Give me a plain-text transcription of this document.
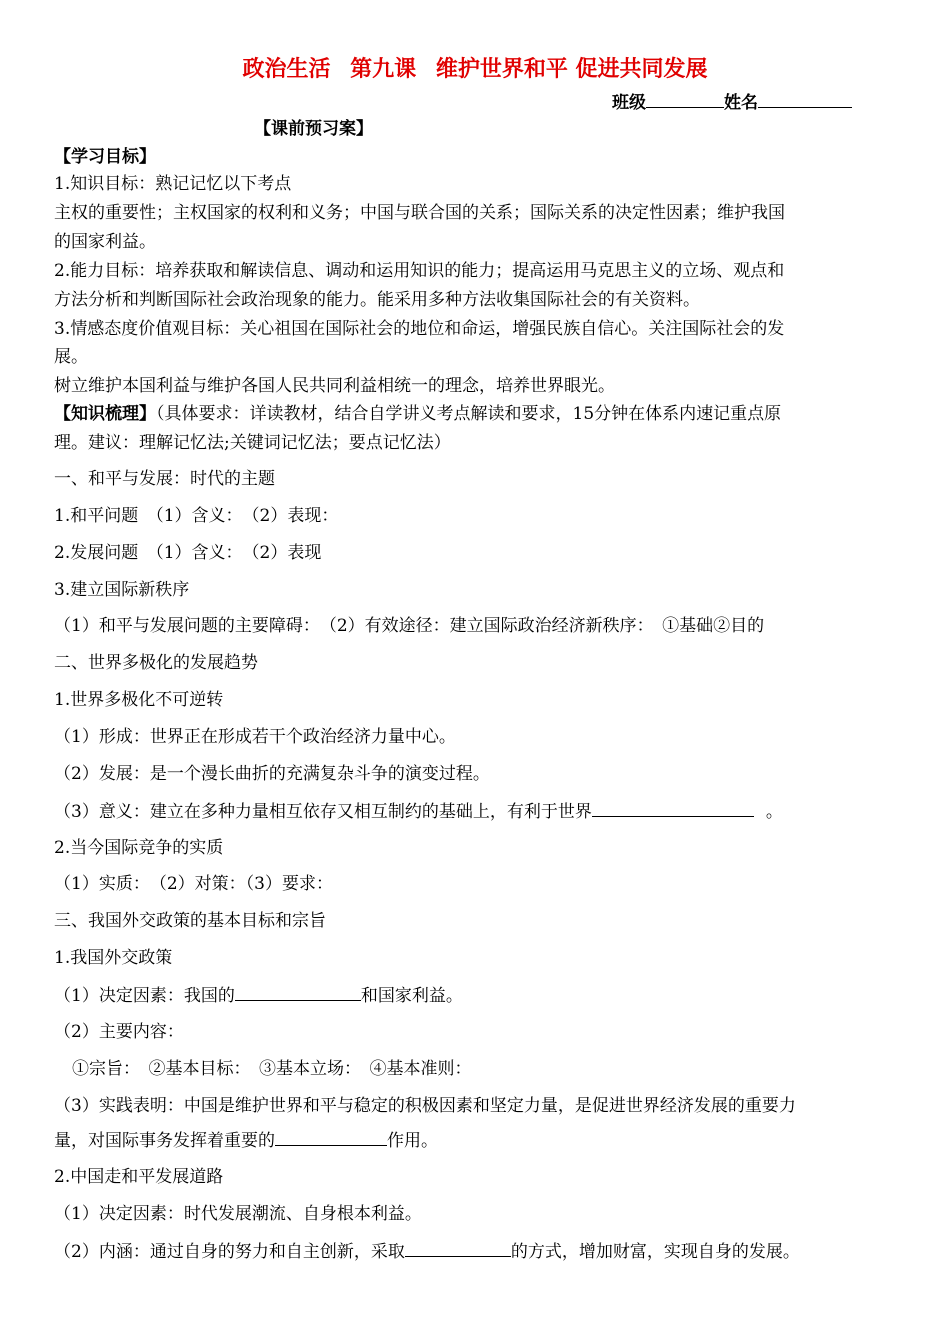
政治生活 第九课 维护世界和平 促进共同发展
班级	姓名
【课前预习案】
【学习目标】
1.知识目标：熟记记忆以下考点
主权的重要性；主权国家的权利和义务；中国与联合国的关系；国际关系的决定性因素；维护我国
的国家利益。
2.能力目标：培养获取和解读信息、调动和运用知识的能力；提高运用马克思主义的立场、观点和
方法分析和判断国际社会政治现象的能力。能采用多种方法收集国际社会的有关资料。
3.情感态度价值观目标：关心祖国在国际社会的地位和命运，增强民族自信心。关注国际社会的发
展。
树立维护本国利益与维护各国人民共同利益相统一的理念，培养世界眼光。
【知识梳理】（具体要求：详读教材，结合自学讲义考点解读和要求，15分钟在体系内速记重点原
理。建议：理解记忆法;关键词记忆法；要点记忆法）
一、和平与发展：时代的主题
1.和平问题　（1）含义：　（2）表现：
2.发展问题　（1）含义：　（2）表现
3.建立国际新秩序
（1）和平与发展问题的主要障碍：　（2）有效途径：建立国际政治经济新秩序：　①基础②目的
二、世界多极化的发展趋势
1.世界多极化不可逆转
（1）形成：世界正在形成若干个政治经济力量中心。
（2）发展：是一个漫长曲折的充满复杂斗争的演变过程。
（3）意义：建立在多种力量相互依存又相互制约的基础上，有利于世界	。
2.当今国际竞争的实质
（1）实质：　（2）对策：（3）要求：
三、我国外交政策的基本目标和宗旨
1.我国外交政策
（1）决定因素：我国的	和国家利益。
（2）主要内容：
①宗旨：　②基本目标：　③基本立场：　④基本准则：
（3）实践表明：中国是维护世界和平与稳定的积极因素和坚定力量，是促进世界经济发展的重要力
量，对国际事务发挥着重要的	作用。
2.中国走和平发展道路
（1）决定因素：时代发展潮流、自身根本利益。
（2）内涵：通过自身的努力和自主创新，采取	的方式，增加财富，实现自身的发展。
